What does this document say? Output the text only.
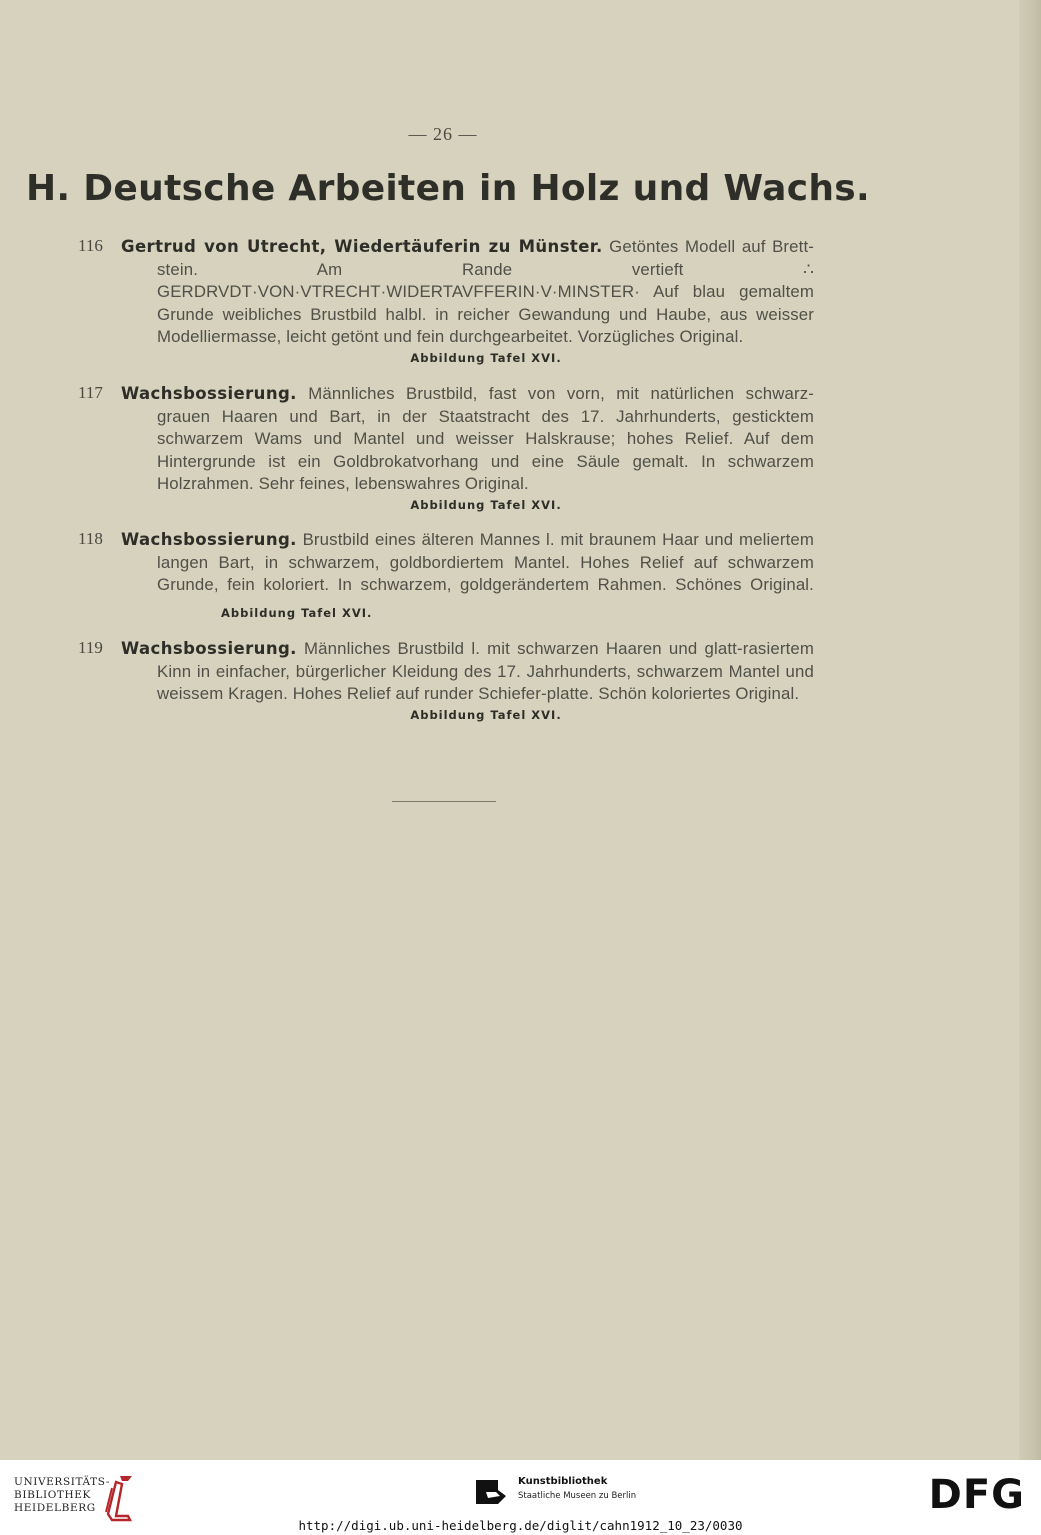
— 26 —
H. Deutsche Arbeiten in Holz und Wachs.
116 Gertrud von Utrecht, Wiedertäuferin zu Münster. Getöntes Modell auf Brett-stein. Am Rande vertieft ∴ GERDRVDT·VON·VTRECHT·WIDERTAVFFERIN·V·MINSTER· Auf blau gemaltem Grunde weibliches Brustbild halbl. in reicher Gewandung und Haube, aus weisser Modelliermasse, leicht getönt und fein durchgearbeitet. Vorzügliches Original.
Abbildung Tafel XVI.
117 Wachsbossierung. Männliches Brustbild, fast von vorn, mit natürlichen schwarz-grauen Haaren und Bart, in der Staatstracht des 17. Jahrhunderts, gesticktem schwarzem Wams und Mantel und weisser Halskrause; hohes Relief. Auf dem Hintergrunde ist ein Goldbrokatvorhang und eine Säule gemalt. In schwarzem Holzrahmen. Sehr feines, lebenswahres Original.
Abbildung Tafel XVI.
118 Wachsbossierung. Brustbild eines älteren Mannes l. mit braunem Haar und meliertem langen Bart, in schwarzem, goldbordiertem Mantel. Hohes Relief auf schwarzem Grunde, fein koloriert. In schwarzem, goldgerändertem Rahmen. Schönes Original. Abbildung Tafel XVI.
119 Wachsbossierung. Männliches Brustbild l. mit schwarzen Haaren und glatt-rasiertem Kinn in einfacher, bürgerlicher Kleidung des 17. Jahrhunderts, schwarzem Mantel und weissem Kragen. Hohes Relief auf runder Schiefer-platte. Schön koloriertes Original.
Abbildung Tafel XVI.
UNIVERSITÄTS-
BIBLIOTHEK
HEIDELBERG
Kunstbibliothek
Staatliche Museen zu Berlin	DFG
http://digi.ub.uni-heidelberg.de/diglit/cahn1912_10_23/0030
